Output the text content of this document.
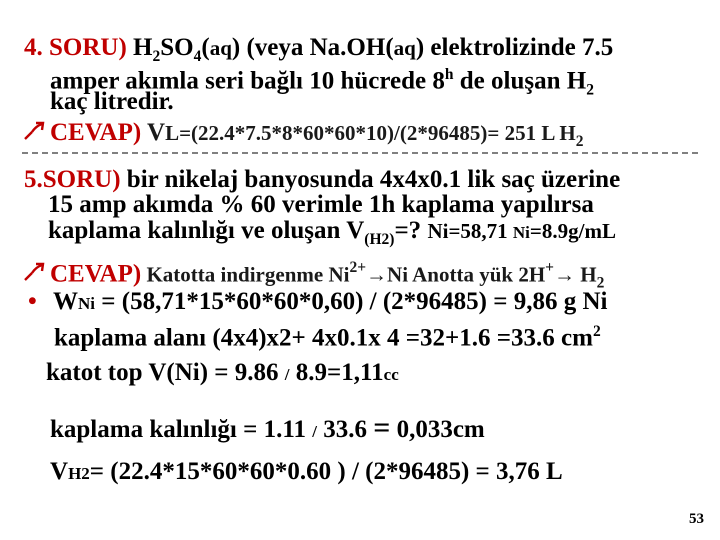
4. SORU) $H_2SO_4(aq)$ (veya Na.OH(aq) elektrolizinde 7.5
amper akımla seri bağlı 10 hücrede 8$^h$ de oluşan $H_2$
kaç litredir.
CEVAP) VL=(22.4*7.5*8*60*60*10)/(2*96485)= 251 L $H_2$
5.SORU) bir nikelaj banyosunda 4x4x0.1 lik saç üzerine
15 amp akımda % 60 verimle 1h kaplama yapılırsa
kaplama kalınlığı ve oluşan $V_{(H2)}=$? Ni=58,71 Ni=8.9g/mL
CEVAP) Katotta indirgenme $Ni^{2+}\to Ni$ Anotta yük $2H^+\to H_2$
• WNi = (58,71*15*60*60*0,60) / (2*96485) = 9,86 g Ni
kaplama alanı (4x4)x2+ 4x0.1x 4 =32+1.6 =33.6 $cm^2$
katot top V(Ni) = 9.86 / 8.9=1,11cc
kaplama kalınlığı = 1.11 / 33.6 = 0,033cm
VH2= (22.4*15*60*60*0.60 ) / (2*96485) = 3,76 L
53
